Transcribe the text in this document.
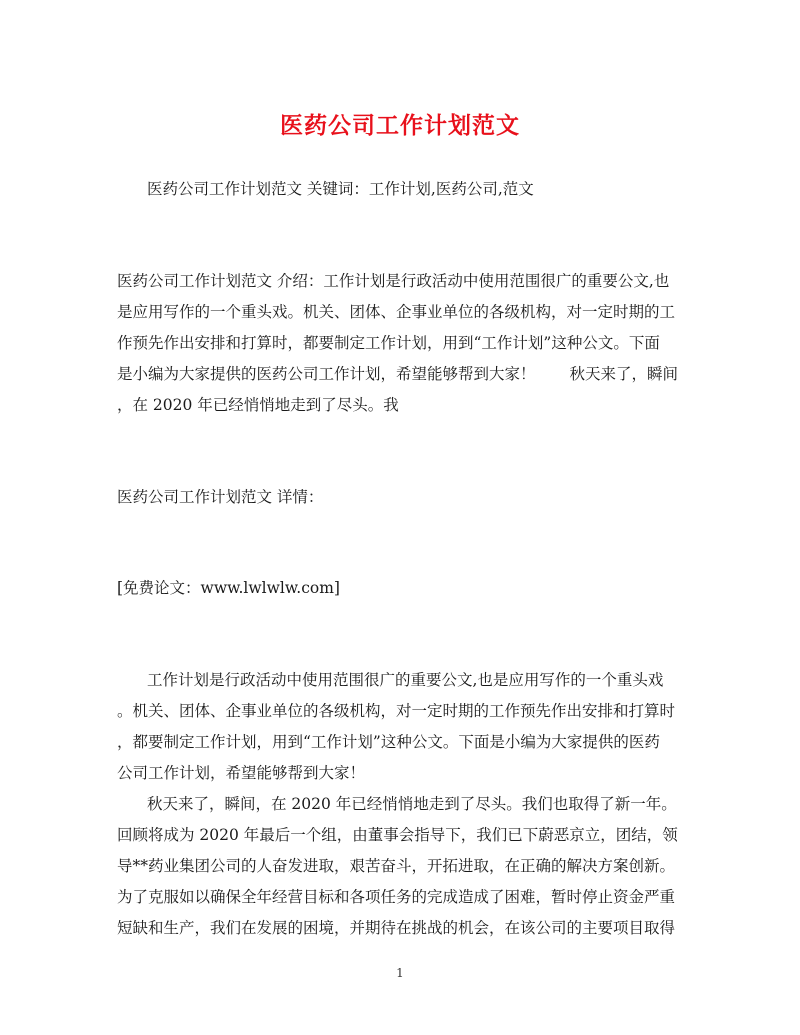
医药公司工作计划范文
医药公司工作计划范文 关键词：工作计划,医药公司,范文
医药公司工作计划范文 介绍：工作计划是行政活动中使用范围很广的重要公文,也
是应用写作的一个重头戏。机关、团体、企事业单位的各级机构，对一定时期的工
作预先作出安排和打算时，都要制定工作计划，用到“工作计划”这种公文。下面
是小编为大家提供的医药公司工作计划，希望能够帮到大家！ 秋天来了，瞬间
，在 2020 年已经悄悄地走到了尽头。我
医药公司工作计划范文 详情：
[免费论文：www.lwlwlw.com]
工作计划是行政活动中使用范围很广的重要公文,也是应用写作的一个重头戏
。机关、团体、企事业单位的各级机构，对一定时期的工作预先作出安排和打算时
，都要制定工作计划，用到“工作计划”这种公文。下面是小编为大家提供的医药
公司工作计划，希望能够帮到大家！
秋天来了，瞬间，在 2020 年已经悄悄地走到了尽头。我们也取得了新一年。
回顾将成为 2020 年最后一个组，由董事会指导下，我们已下蔚恶京立，团结，领
导**药业集团公司的人奋发进取，艰苦奋斗，开拓进取，在正确的解决方案创新。
为了克服如以确保全年经营目标和各项任务的完成造成了困难，暂时停止资金严重
短缺和生产，我们在发展的困境，并期待在挑战的机会，在该公司的主要项目取得
1
